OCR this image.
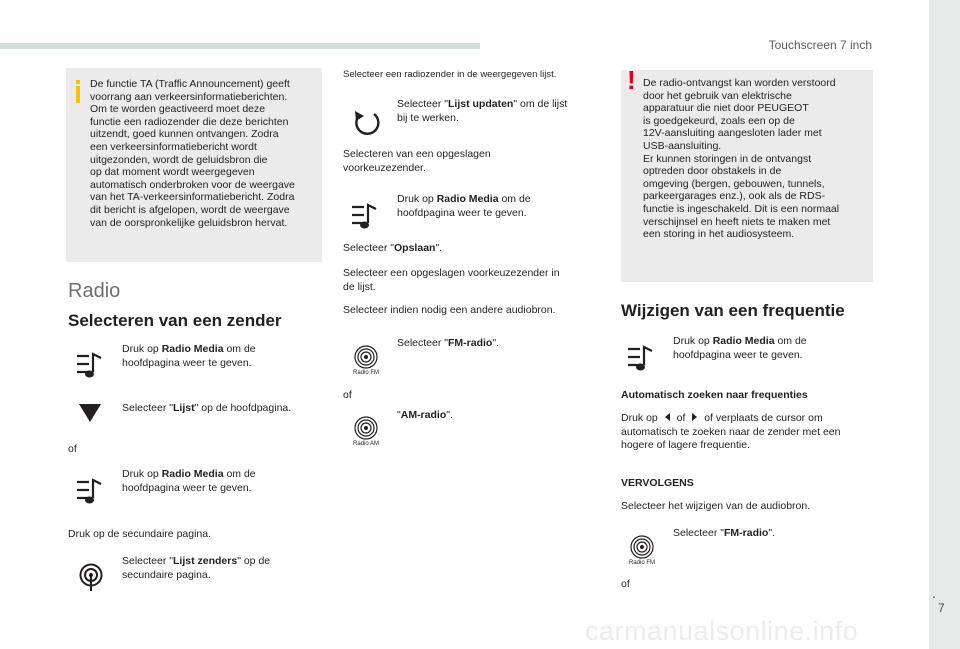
Touchscreen 7 inch
.
7
carmanualsonline.info
De functie TA (Traffic Announcement) geeft
voorrang aan verkeersinformatieberichten.
Om te worden geactiveerd moet deze
functie een radiozender die deze berichten
uitzendt, goed kunnen ontvangen. Zodra
een verkeersinformatiebericht wordt
uitgezonden, wordt de geluidsbron die
op dat moment wordt weergegeven
automatisch onderbroken voor de weergave
van het TA-verkeersinformatiebericht. Zodra
dit bericht is afgelopen, wordt de weergave
van de oorspronkelijke geluidsbron hervat.
Radio
Selecteren van een zender
Druk op Radio Media om de
hoofdpagina weer te geven.
Selecteer "Lijst" op de hoofdpagina.
of
Druk op Radio Media om de
hoofdpagina weer te geven.
Druk op de secundaire pagina.
Selecteer "Lijst zenders" op de
secundaire pagina.
Selecteer een radiozender in de weergegeven lijst.
Selecteer "Lijst updaten" om de lijst
bij te werken.
Selecteren van een opgeslagen
voorkeuzezender.
Druk op Radio Media om de
hoofdpagina weer te geven.
Selecteer "Opslaan".
Selecteer een opgeslagen voorkeuzezender in
de lijst.
Selecteer indien nodig een andere audiobron.
Radio FM
Selecteer "FM-radio".
of
Radio AM
"AM-radio".
! De radio-ontvangst kan worden verstoord
door het gebruik van elektrische
apparatuur die niet door PEUGEOT
is goedgekeurd, zoals een op de
12V-aansluiting aangesloten lader met
USB-aansluiting.
Er kunnen storingen in de ontvangst
optreden door obstakels in de
omgeving (bergen, gebouwen, tunnels,
parkeergarages enz.), ook als de RDS-
functie is ingeschakeld. Dit is een normaal
verschijnsel en heeft niets te maken met
een storing in het audiosysteem.
Wijzigen van een frequentie
Druk op Radio Media om de
hoofdpagina weer te geven.
Automatisch zoeken naar frequenties
Druk op of of verplaats de cursor om
automatisch te zoeken naar de zender met een
hogere of lagere frequentie.
VERVOLGENS
Selecteer het wijzigen van de audiobron.
Radio FM
Selecteer "FM-radio".
of
